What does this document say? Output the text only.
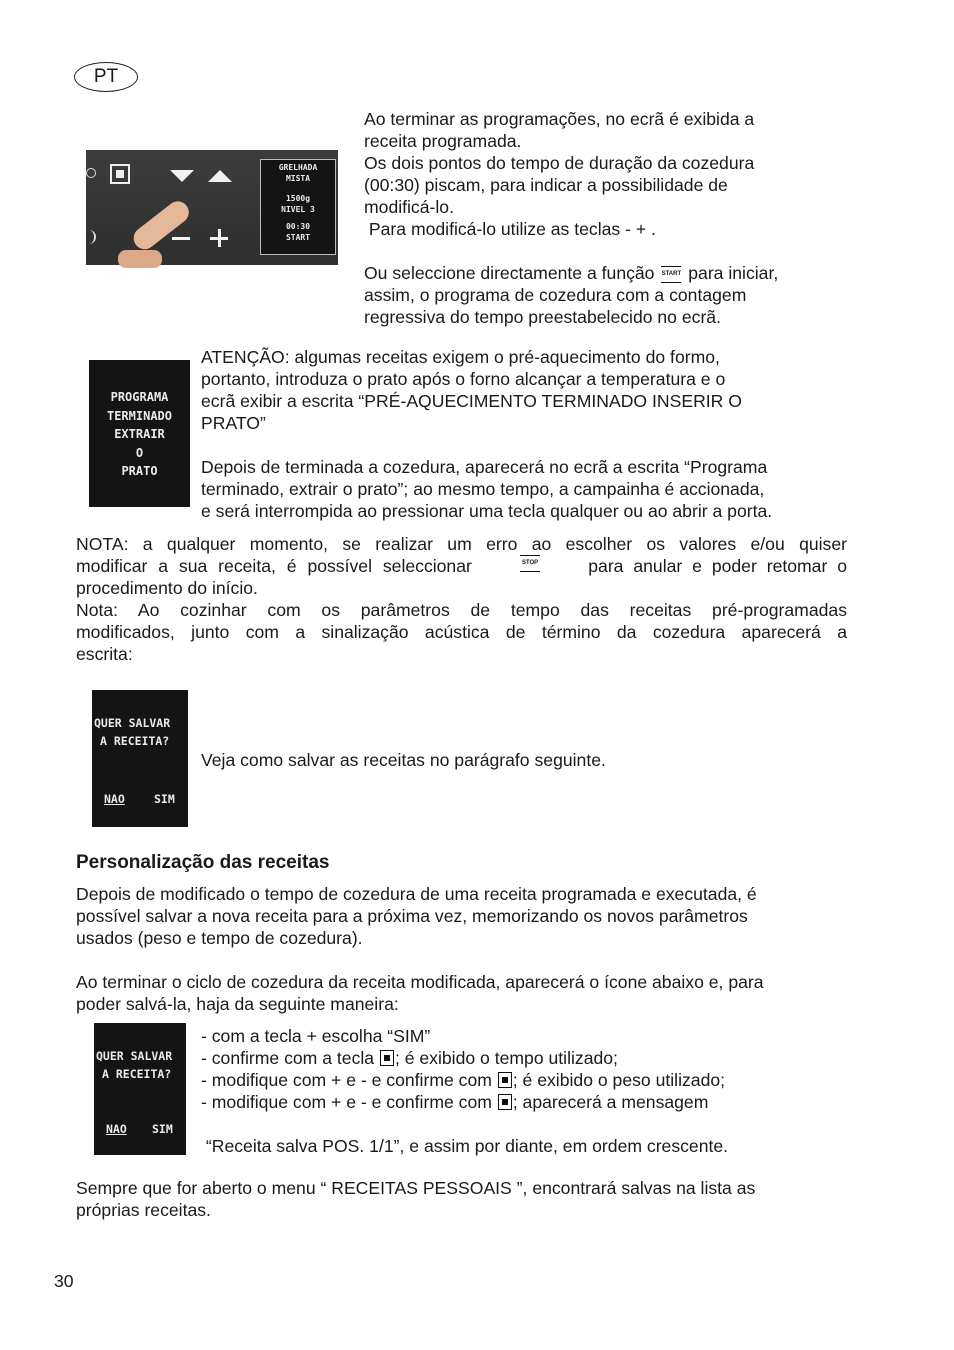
PT
GRELHADA
MISTA
1500g
NIVEL 3
00:30
START
Ao terminar as programações, no ecrã é exibida a
receita programada.
Os dois pontos do tempo de duração da cozedura
(00:30) piscam, para indicar a possibilidade de
modificá-lo.
Para modificá-lo utilize as teclas - + .
Ou seleccione directamente a função START para iniciar,
assim, o programa de cozedura com a contagem
regressiva do tempo preestabelecido no ecrã.
PROGRAMA
TERMINADO
EXTRAIR
O
PRATO
ATENÇÃO: algumas receitas exigem o pré-aquecimento do formo,
portanto, introduza o prato após o forno alcançar a temperatura e o
ecrã exibir a escrita “PRÉ-AQUECIMENTO TERMINADO INSERIR O
PRATO”
Depois de terminada a cozedura, aparecerá no ecrã a escrita “Programa
terminado, extrair o prato”; ao mesmo tempo, a campainha é accionada,
e será interrompida ao pressionar uma tecla qualquer ou ao abrir a porta.
NOTA: a qualquer momento, se realizar um erro ao escolher os valores e/ou quiser
modificar a sua receita, é possível seleccionar	STOP	para anular e poder retomar o
procedimento do início.
Nota: Ao cozinhar com os parâmetros de tempo das receitas pré-programadas
modificados, junto com a sinalização acústica de término da cozedura aparecerá a
escrita:
QUER SALVAR
A RECEITA?
NAO	SIM
Veja como salvar as receitas no parágrafo seguinte.
Personalização das receitas
Depois de modificado o tempo de cozedura de uma receita programada e executada, é
possível salvar a nova receita para a próxima vez, memorizando os novos parâmetros
usados (peso e tempo de cozedura).
Ao terminar o ciclo de cozedura da receita modificada, aparecerá o ícone abaixo e, para
poder salvá-la, haja da seguinte maneira:
QUER SALVAR
A RECEITA?
NAO SIM
- com a tecla + escolha “SIM”
- confirme com a tecla ; é exibido o tempo utilizado;
- modifique com + e - e confirme com ; é exibido o peso utilizado;
- modifique com + e - e confirme com ; aparecerá a mensagem
“Receita salva POS. 1/1”, e assim por diante, em ordem crescente.
Sempre que for aberto o menu “ RECEITAS PESSOAIS ”, encontrará salvas na lista as
próprias receitas.
30
